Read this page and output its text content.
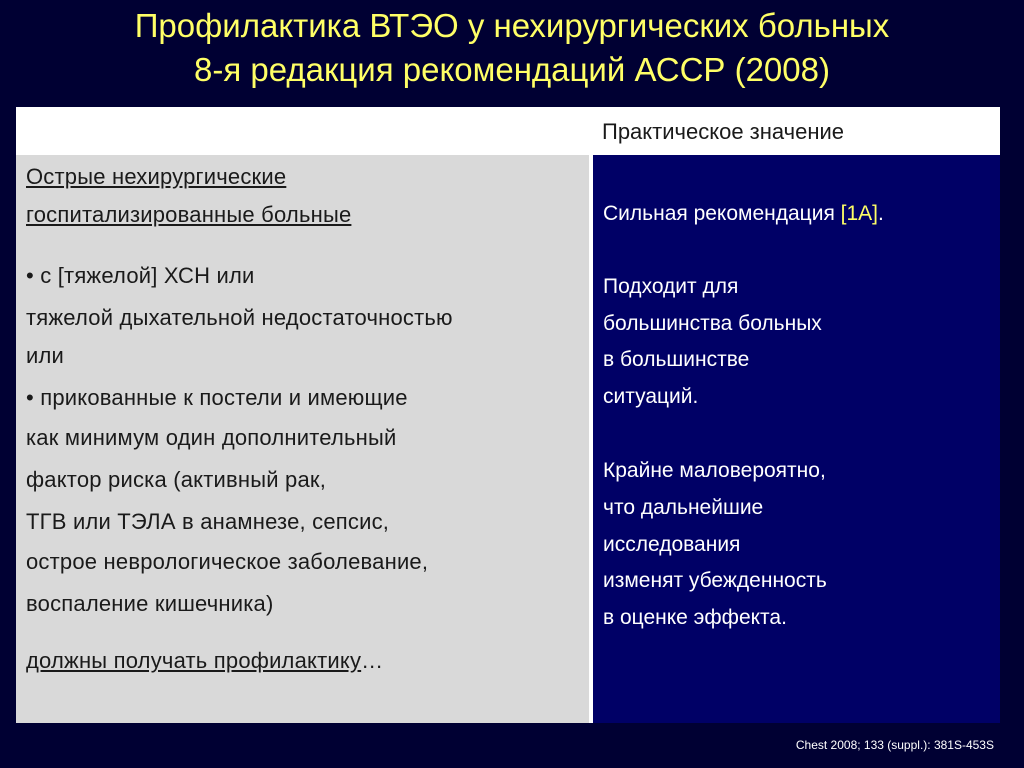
Профилактика ВТЭО у нехирургических больных
8-я редакция рекомендаций АССР (2008)
Практическое значение
Острые нехирургические
госпитализированные больные
• с [тяжелой] ХСН или
тяжелой дыхательной недостаточностью
или
• прикованные к постели и имеющие
как минимум один дополнительный
фактор риска (активный рак,
ТГВ или ТЭЛА в анамнезе, сепсис,
острое неврологическое заболевание,
воспаление кишечника)
должны получать профилактику…
Сильная рекомендация [1A].
Подходит для
большинства больных
в большинстве
ситуаций.
Крайне маловероятно,
что дальнейшие
исследования
изменят убежденность
в оценке эффекта.
Chest 2008; 133 (suppl.): 381S-453S
